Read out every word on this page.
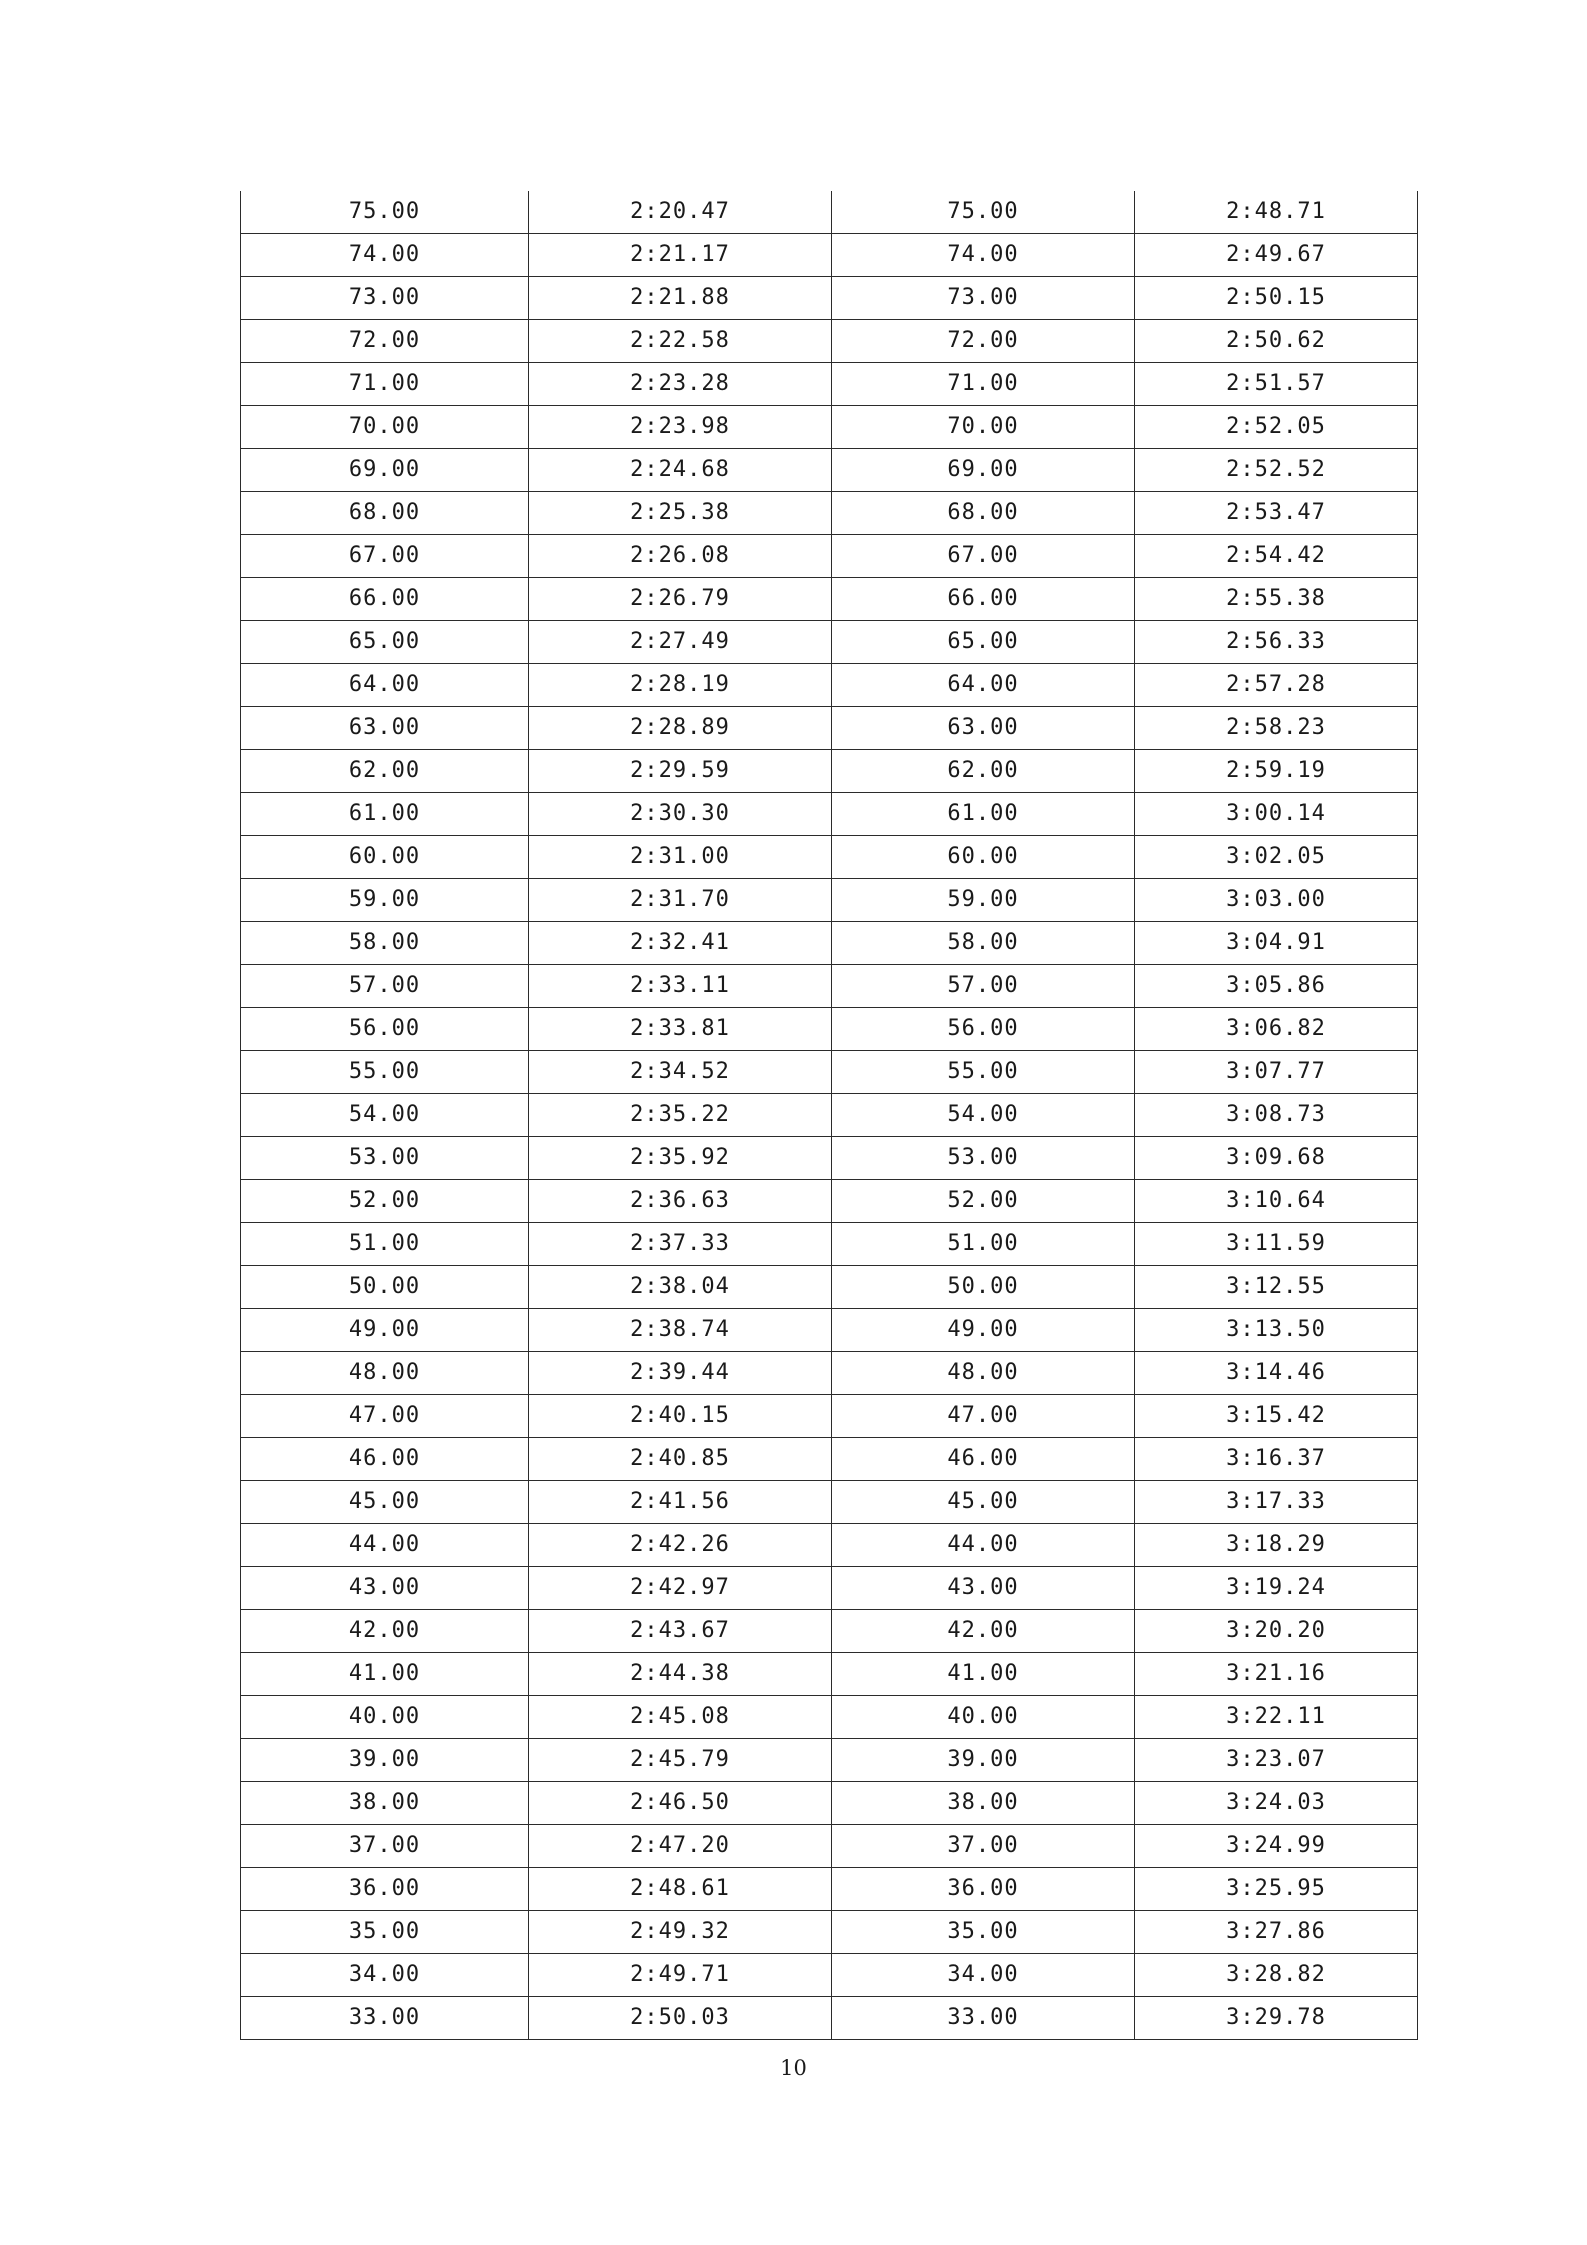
75.00	2:20.47	75.00	2:48.71
74.00	2:21.17	74.00	2:49.67
73.00	2:21.88	73.00	2:50.15
72.00	2:22.58	72.00	2:50.62
71.00	2:23.28	71.00	2:51.57
70.00	2:23.98	70.00	2:52.05
69.00	2:24.68	69.00	2:52.52
68.00	2:25.38	68.00	2:53.47
67.00	2:26.08	67.00	2:54.42
66.00	2:26.79	66.00	2:55.38
65.00	2:27.49	65.00	2:56.33
64.00	2:28.19	64.00	2:57.28
63.00	2:28.89	63.00	2:58.23
62.00	2:29.59	62.00	2:59.19
61.00	2:30.30	61.00	3:00.14
60.00	2:31.00	60.00	3:02.05
59.00	2:31.70	59.00	3:03.00
58.00	2:32.41	58.00	3:04.91
57.00	2:33.11	57.00	3:05.86
56.00	2:33.81	56.00	3:06.82
55.00	2:34.52	55.00	3:07.77
54.00	2:35.22	54.00	3:08.73
53.00	2:35.92	53.00	3:09.68
52.00	2:36.63	52.00	3:10.64
51.00	2:37.33	51.00	3:11.59
50.00	2:38.04	50.00	3:12.55
49.00	2:38.74	49.00	3:13.50
48.00	2:39.44	48.00	3:14.46
47.00	2:40.15	47.00	3:15.42
46.00	2:40.85	46.00	3:16.37
45.00	2:41.56	45.00	3:17.33
44.00	2:42.26	44.00	3:18.29
43.00	2:42.97	43.00	3:19.24
42.00	2:43.67	42.00	3:20.20
41.00	2:44.38	41.00	3:21.16
40.00	2:45.08	40.00	3:22.11
39.00	2:45.79	39.00	3:23.07
38.00	2:46.50	38.00	3:24.03
37.00	2:47.20	37.00	3:24.99
36.00	2:48.61	36.00	3:25.95
35.00	2:49.32	35.00	3:27.86
34.00	2:49.71	34.00	3:28.82
33.00	2:50.03	33.00	3:29.78
10
